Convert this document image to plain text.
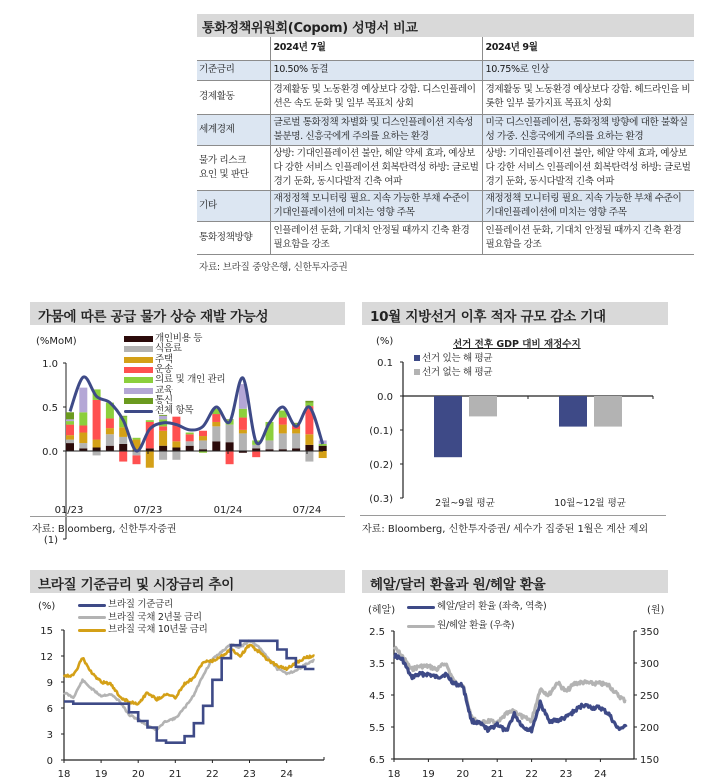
통화정책위원회(Copom) 성명서 비교
	2024년 7월	2024년 9월
기준금리	10.50% 동결	10.75%로 인상
경제활동	경제활동 및 노동환경 예상보다 강함. 디스인플레이션은 속도 둔화 및 일부 목표치 상회	경제활동 및 노동환경 예상보다 강함. 헤드라인을 비롯한 일부 물가지표 목표치 상회
세계경제	글로벌 통화정책 차별화 및 디스인플레이션 지속성 불분명. 신흥국에게 주의를 요하는 환경	미국 디스인플레이션, 통화정책 방향에 대한 불확실성 가중. 신흥국에게 주의를 요하는 환경
물가 리스크 요인 및 판단	상방: 기대인플레이션 불안, 헤알 약세 효과, 예상보다 강한 서비스 인플레이션 회복탄력성 하방: 글로벌 경기 둔화, 동시다발적 긴축 여파	상방: 기대인플레이션 불안, 헤알 약세 효과, 예상보다 강한 서비스 인플레이션 회복탄력성 하방: 글로벌 경기 둔화, 동시다발적 긴축 여파
기타	재정정책 모니터링 필요. 지속 가능한 부채 수준이 기대인플레이션에 미치는 영향 주목	재정정책 모니터링 필요. 지속 가능한 부채 수준이 기대인플레이션에 미치는 영향 주목
통화정책방향	인플레이션 둔화, 기대치 안정될 때까지 긴축 환경 필요함을 강조	인플레이션 둔화, 기대치 안정될 때까지 긴축 환경 필요함을 강조
자료: 브라질 중앙은행, 신한투자증권
가뭄에 따른 공급 물가 상승 재발 가능성
(%MoM)
(1)
0.0
0.5
1.0
01/23	07/23	01/24	07/24
개인비용 등
식음료
주택
운송
의료 및 개인 관리
교육
통신
전체 항목
자료: Bloomberg, 신한투자증권
10월 지방선거 이후 적자 규모 감소 기대
(%)	선거 전후 GDP 대비 재정수지
0.1
0.0
(0.1)
(0.2)
(0.3)	2월~9월 평균	10월~12월 평균
선거 있는 해 평균
선거 없는 해 평균
자료: Bloomberg, 신한투자증권/ 세수가 집중된 1월은 계산 제외
브라질 기준금리 및 시장금리 추이
(%)
0
3
6
9
12
15
18 19 20 21 22 23 24
브라질 기준금리
브라질 국채 2년물 금리
브라질 국채 10년물 금리
헤알/달러 환율과 원/헤알 환율
(헤알)	(원)
2.5
3.5
4.5
5.5
6.5
350
300
250
200
150
18 19 20 21 22 23 24
헤알/달러 환율 (좌축, 역축)
원/헤알 환율 (우축)
